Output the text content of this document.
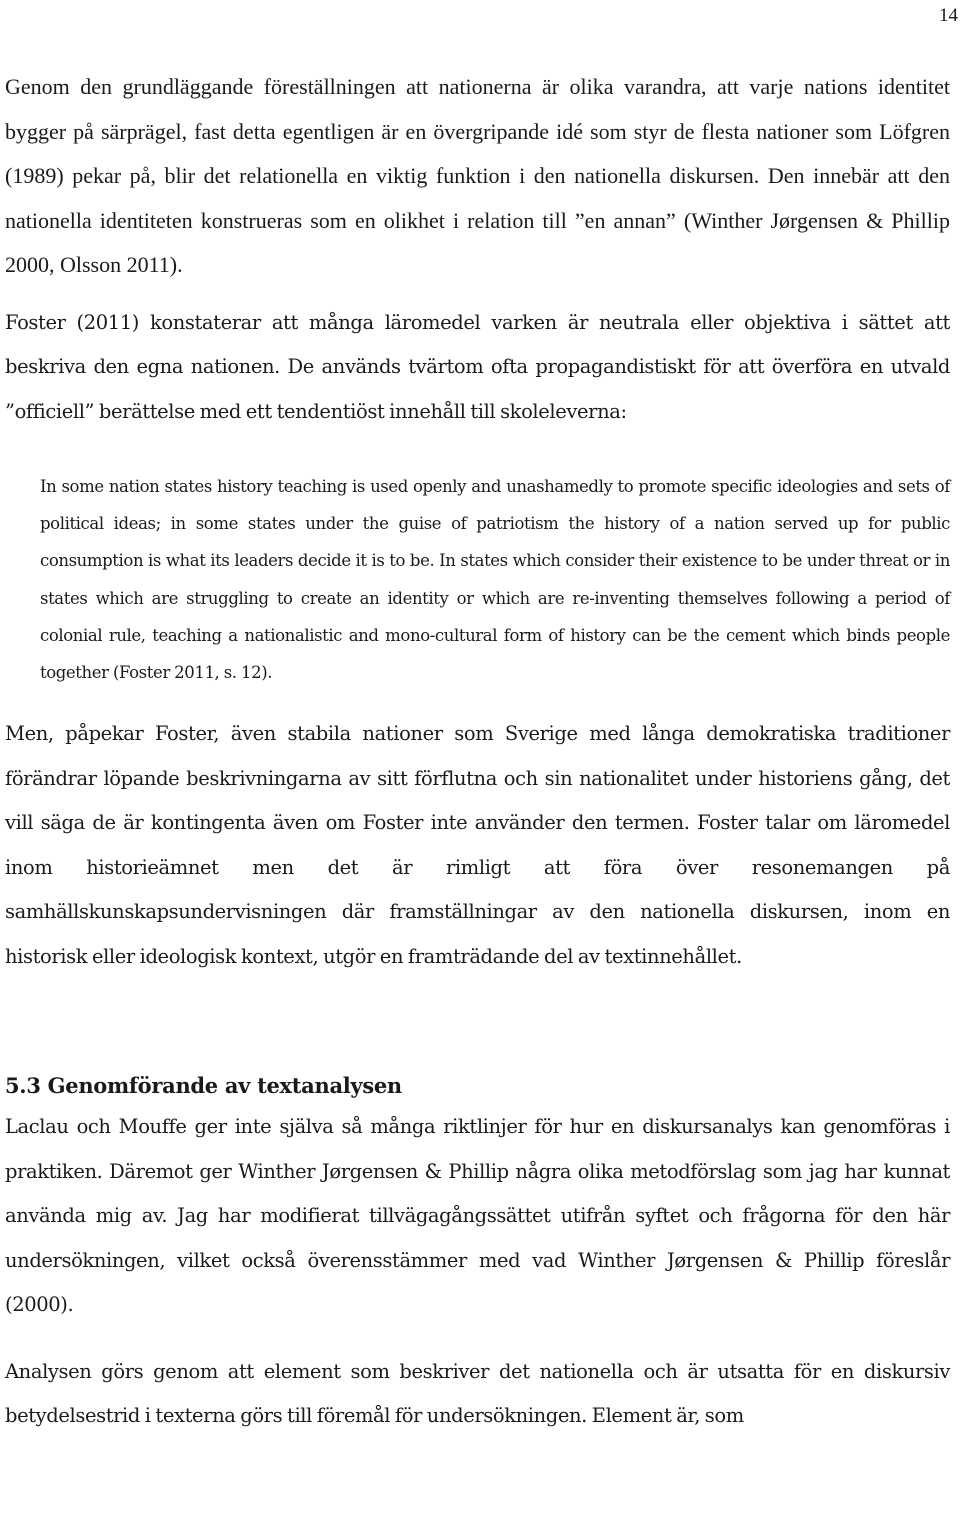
14

Genom den grundläggande föreställningen att nationerna är olika varandra, att varje nations identitet bygger på särprägel, fast detta egentligen är en övergripande idé som styr de flesta nationer som Löfgren (1989) pekar på, blir det relationella en viktig funktion i den nationella diskursen. Den innebär att den nationella identiteten konstrueras som en olikhet i relation till ”en annan” (Winther Jørgensen & Phillip 2000, Olsson 2011).

Foster (2011) konstaterar att många läromedel varken är neutrala eller objektiva i sättet att beskriva den egna nationen. De används tvärtom ofta propagandistiskt för att överföra en utvald ”officiell” berättelse med ett tendentiöst innehåll till skoleleverna:

In some nation states history teaching is used openly and unashamedly to promote specific ideologies and sets of political ideas; in some states under the guise of patriotism the history of a nation served up for public consumption is what its leaders decide it is to be. In states which consider their existence to be under threat or in states which are struggling to create an identity or which are re-inventing themselves following a period of colonial rule, teaching a nationalistic and mono-cultural form of history can be the cement which binds people together (Foster 2011, s. 12).

Men, påpekar Foster, även stabila nationer som Sverige med långa demokratiska traditioner förändrar löpande beskrivningarna av sitt förflutna och sin nationalitet under historiens gång, det vill säga de är kontingenta även om Foster inte använder den termen. Foster talar om läromedel inom historieämnet men det är rimligt att föra över resonemangen på samhällskunskapsundervisningen där framställningar av den nationella diskursen, inom en historisk eller ideologisk kontext, utgör en framträdande del av textinnehållet.

5.3 Genomförande av textanalysen

Laclau och Mouffe ger inte själva så många riktlinjer för hur en diskursanalys kan genomföras i praktiken. Däremot ger Winther Jørgensen & Phillip några olika metodförslag som jag har kunnat använda mig av. Jag har modifierat tillvägagångssättet utifrån syftet och frågorna för den här undersökningen, vilket också överensstämmer med vad Winther Jørgensen & Phillip föreslår (2000).

Analysen görs genom att element som beskriver det nationella och är utsatta för en diskursiv betydelsestrid i texterna görs till föremål för undersökningen. Element är, som
